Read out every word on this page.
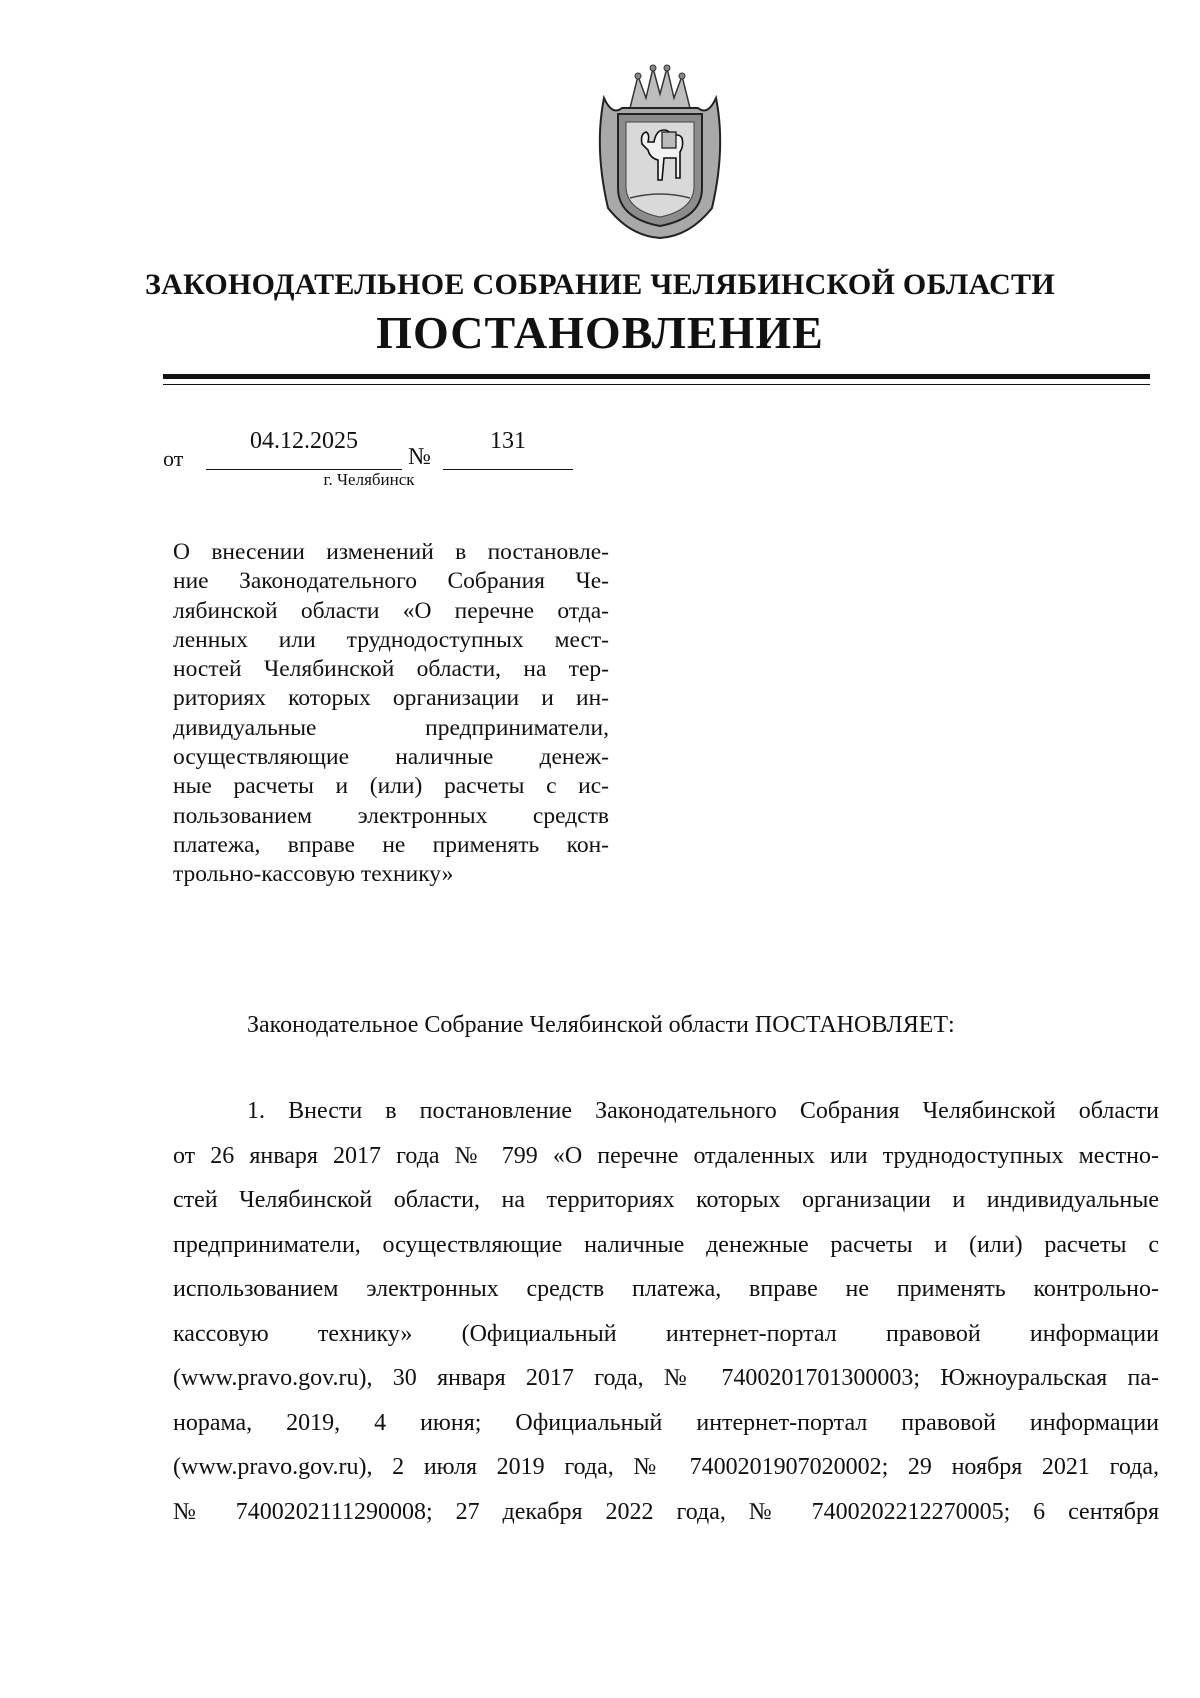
ЗАКОНОДАТЕЛЬНОЕ СОБРАНИЕ ЧЕЛЯБИНСКОЙ ОБЛАСТИ
ПОСТАНОВЛЕНИЕ
от
04.12.2025
№
131
г. Челябинск
О внесении изменений в постановле-
ние Законодательного Собрания Че-
лябинской области «О перечне отда-
ленных или труднодоступных мест-
ностей Челябинской области, на тер-
риториях которых организации и ин-
дивидуальные предприниматели,
осуществляющие наличные денеж-
ные расчеты и (или) расчеты с ис-
пользованием электронных средств
платежа, вправе не применять кон-
трольно-кассовую технику»
Законодательное Собрание Челябинской области ПОСТАНОВЛЯЕТ:
1. Внести в постановление Законодательного Собрания Челябинской области
от 26 января 2017 года № 799 «О перечне отдаленных или труднодоступных местно-
стей Челябинской области, на территориях которых организации и индивидуальные
предприниматели, осуществляющие наличные денежные расчеты и (или) расчеты с
использованием электронных средств платежа, вправе не применять контрольно-
кассовую технику» (Официальный интернет-портал правовой информации
(www.pravo.gov.ru), 30 января 2017 года, № 7400201701300003; Южноуральская па-
норама, 2019, 4 июня; Официальный интернет-портал правовой информации
(www.pravo.gov.ru), 2 июля 2019 года, № 7400201907020002; 29 ноября 2021 года,
№ 7400202111290008; 27 декабря 2022 года, № 7400202212270005; 6 сентября
